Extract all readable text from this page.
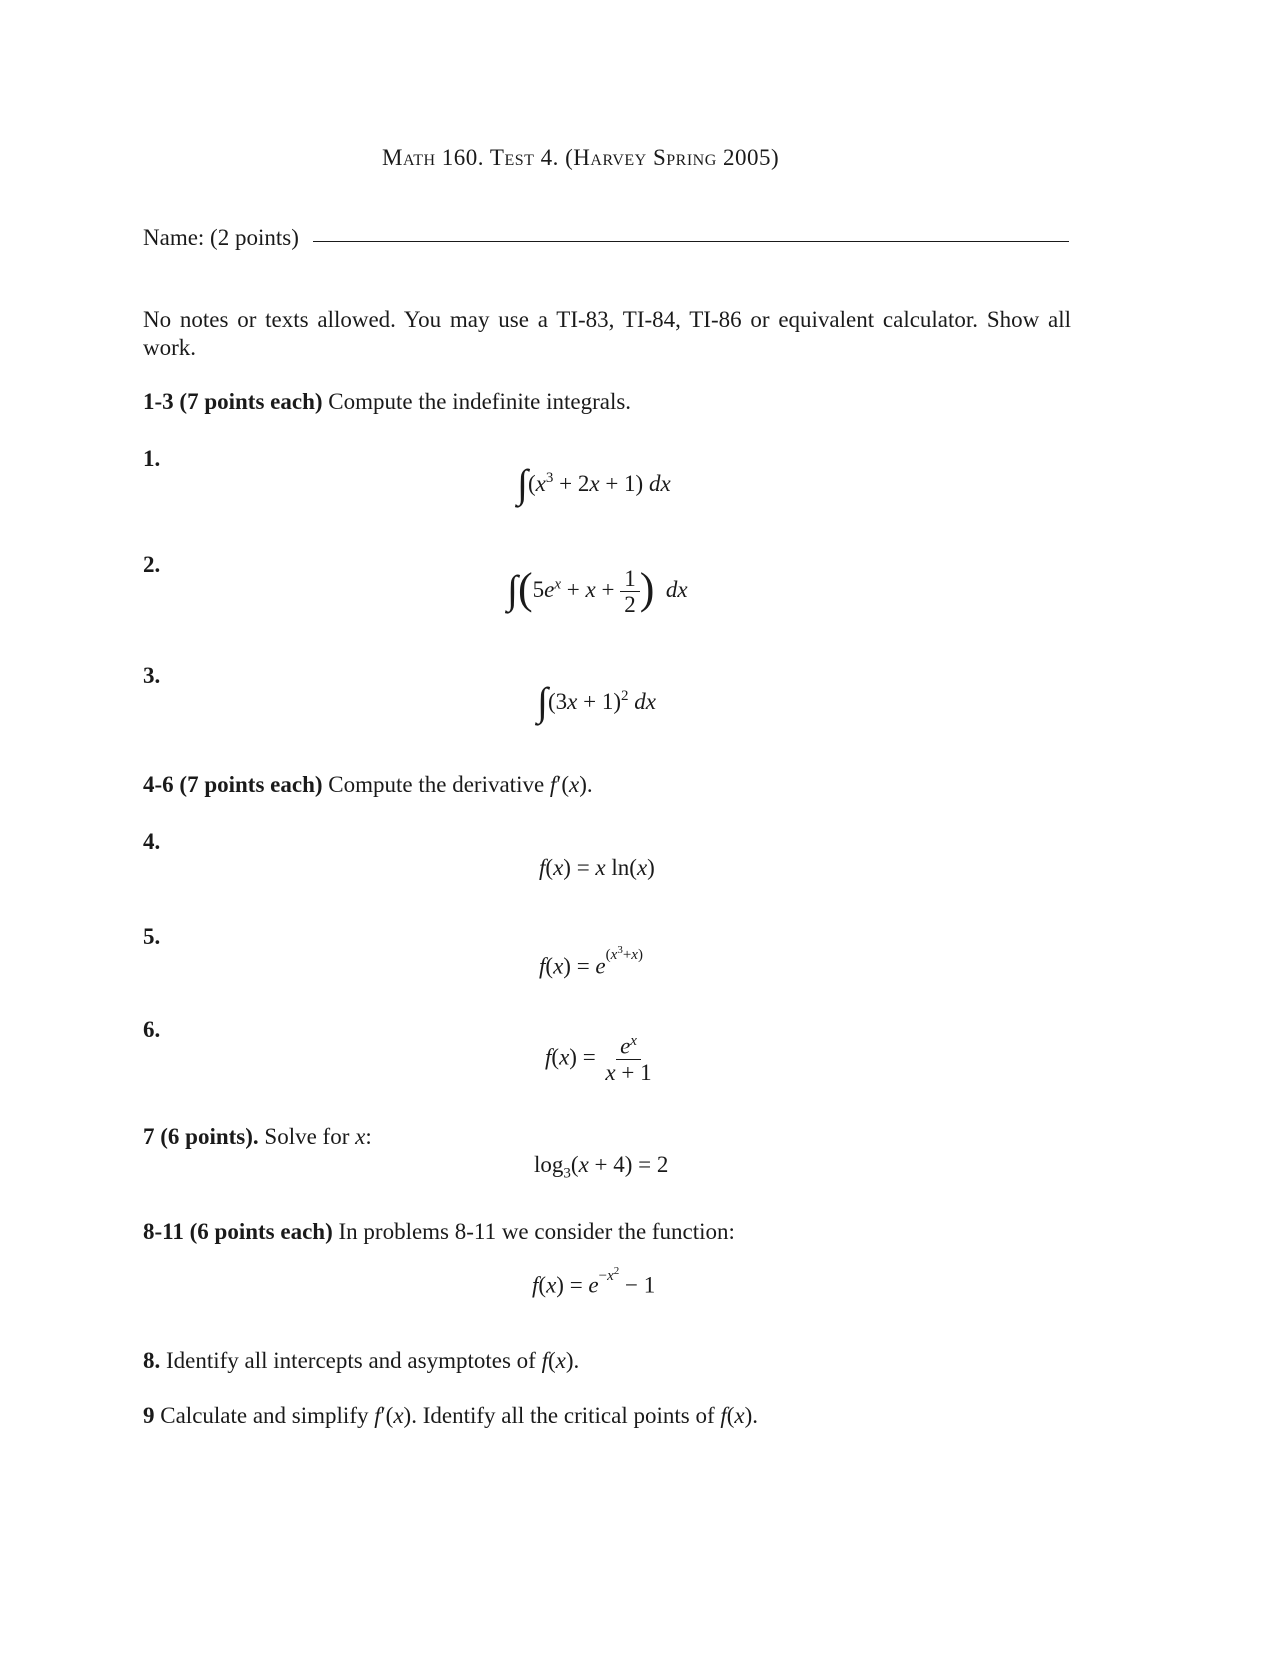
Math 160. Test 4. (Harvey Spring 2005)
Name: (2 points)
No notes or texts allowed. You may use a TI-83, TI-84, TI-86 or equivalent calculator. Show all work.
1-3 (7 points each) Compute the indefinite integrals.
1.
$\int(x^3 + 2x + 1)$ dx
2.
$\int(5e^x + x + \frac{1}{2}$ ) dx
3.
$\int(3x + 1)^2$ dx
4-6 (7 points each) Compute the derivative f′(x).
4.
f(x) = x ln(x)
5.
$f(x) = e^{(x^3+x)}$
6.
$f(x) = \frac{e^x}{x + 1}$
7 (6 points). Solve for x:
$\log_3(x + 4) = 2$
8-11 (6 points each) In problems 8-11 we consider the function:
$f(x) = e^{-x^2} - 1$
8. Identify all intercepts and asymptotes of f(x).
9 Calculate and simplify f′(x). Identify all the critical points of f(x).
